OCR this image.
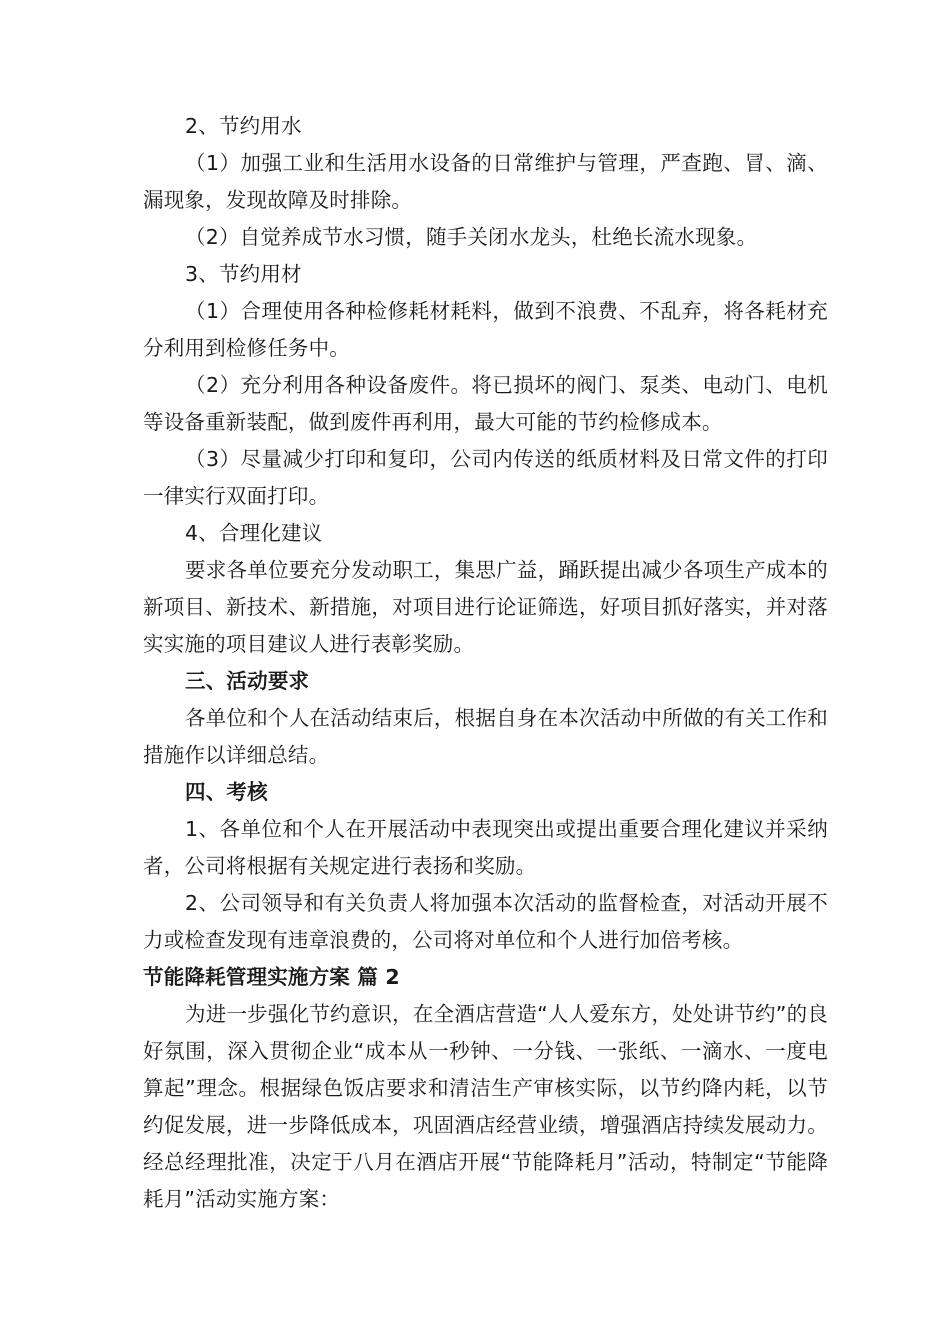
2、节约用水

（1）加强工业和生活用水设备的日常维护与管理，严查跑、冒、滴、漏现象，发现故障及时排除。

（2）自觉养成节水习惯，随手关闭水龙头，杜绝长流水现象。

3、节约用材

（1）合理使用各种检修耗材耗料，做到不浪费、不乱弃，将各耗材充分利用到检修任务中。

（2）充分利用各种设备废件。将已损坏的阀门、泵类、电动门、电机等设备重新装配，做到废件再利用，最大可能的节约检修成本。

（3）尽量减少打印和复印，公司内传送的纸质材料及日常文件的打印一律实行双面打印。

4、合理化建议

要求各单位要充分发动职工，集思广益，踊跃提出减少各项生产成本的新项目、新技术、新措施，对项目进行论证筛选，好项目抓好落实，并对落实实施的项目建议人进行表彰奖励。

三、活动要求

各单位和个人在活动结束后，根据自身在本次活动中所做的有关工作和措施作以详细总结。

四、考核

1、各单位和个人在开展活动中表现突出或提出重要合理化建议并采纳者，公司将根据有关规定进行表扬和奖励。

2、公司领导和有关负责人将加强本次活动的监督检查，对活动开展不力或检查发现有违章浪费的，公司将对单位和个人进行加倍考核。

节能降耗管理实施方案 篇 2

为进一步强化节约意识，在全酒店营造“人人爱东方，处处讲节约”的良好氛围，深入贯彻企业“成本从一秒钟、一分钱、一张纸、一滴水、一度电算起”理念。根据绿色饭店要求和清洁生产审核实际，以节约降内耗，以节约促发展，进一步降低成本，巩固酒店经营业绩，增强酒店持续发展动力。经总经理批准，决定于八月在酒店开展“节能降耗月”活动，特制定“节能降耗月”活动实施方案：
